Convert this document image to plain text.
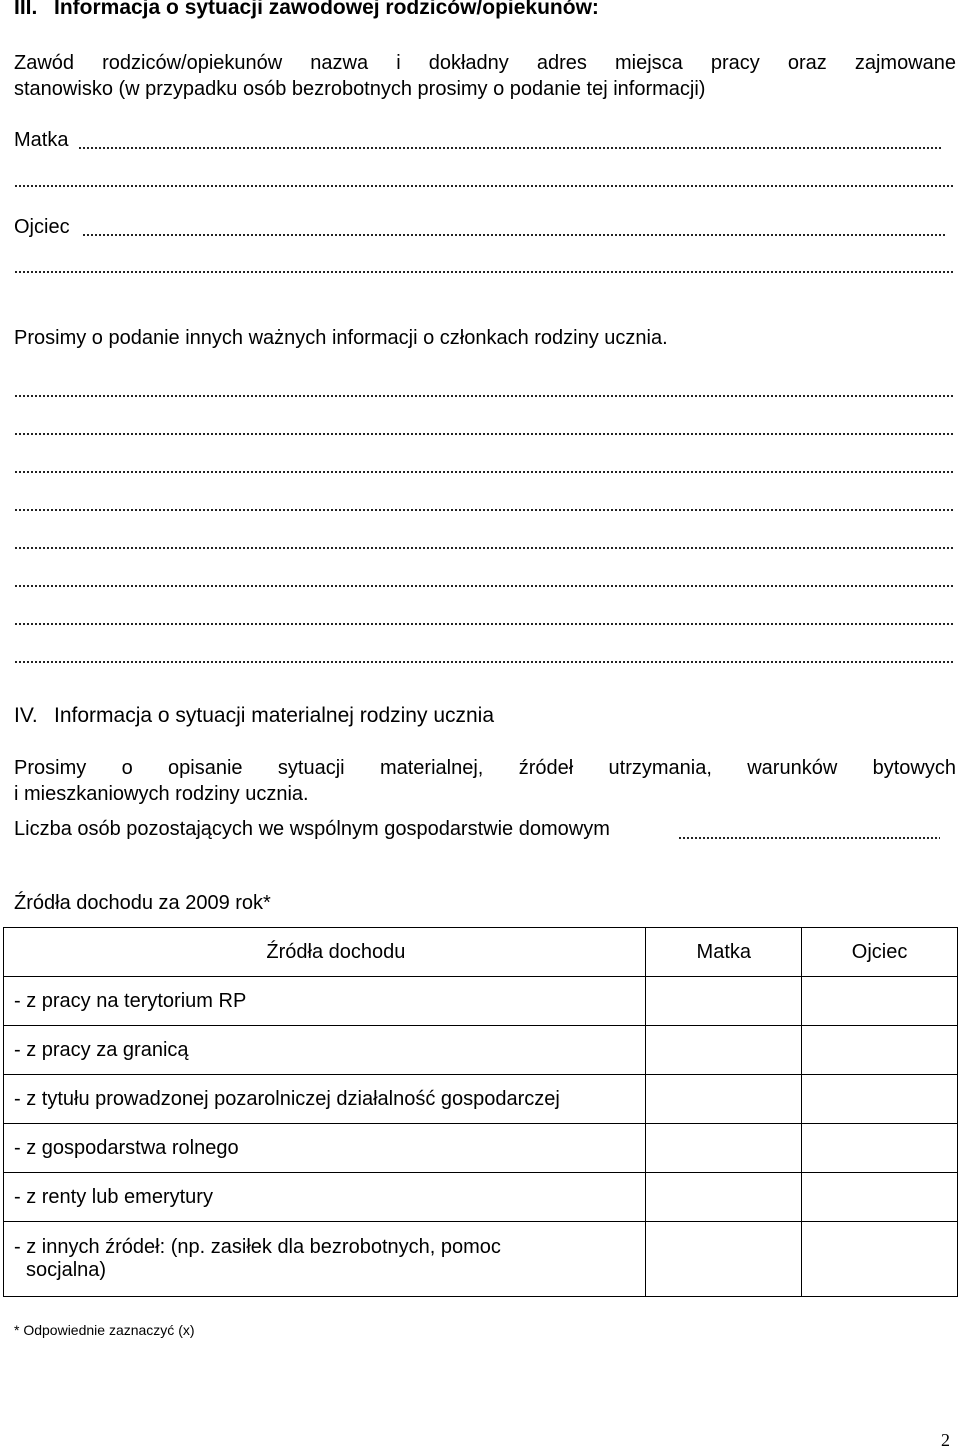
III. Informacja o sytuacji zawodowej rodziców/opiekunów:
Zawód rodziców/opiekunów nazwa i dokładny adres miejsca pracy oraz zajmowane
stanowisko (w przypadku osób bezrobotnych prosimy o podanie tej informacji)
Matka
Ojciec
Prosimy o podanie innych ważnych informacji o członkach rodziny ucznia.
IV. Informacja o sytuacji materialnej rodziny ucznia
Prosimy o opisanie sytuacji materialnej, źródeł utrzymania, warunków bytowych
i mieszkaniowych rodziny ucznia.
Liczba osób pozostających we wspólnym gospodarstwie domowym
Źródła dochodu za 2009 rok*
Źródła dochodu	Matka	Ojciec
- z pracy na terytorium RP		
- z pracy za granicą		
- z tytułu prowadzonej pozarolniczej działalność gospodarczej		
- z gospodarstwa rolnego		
- z renty lub emerytury		

- z innych źródeł: (np. zasiłek dla bezrobotnych, pomoc
socjalna)		

* Odpowiednie zaznaczyć (x)
2
